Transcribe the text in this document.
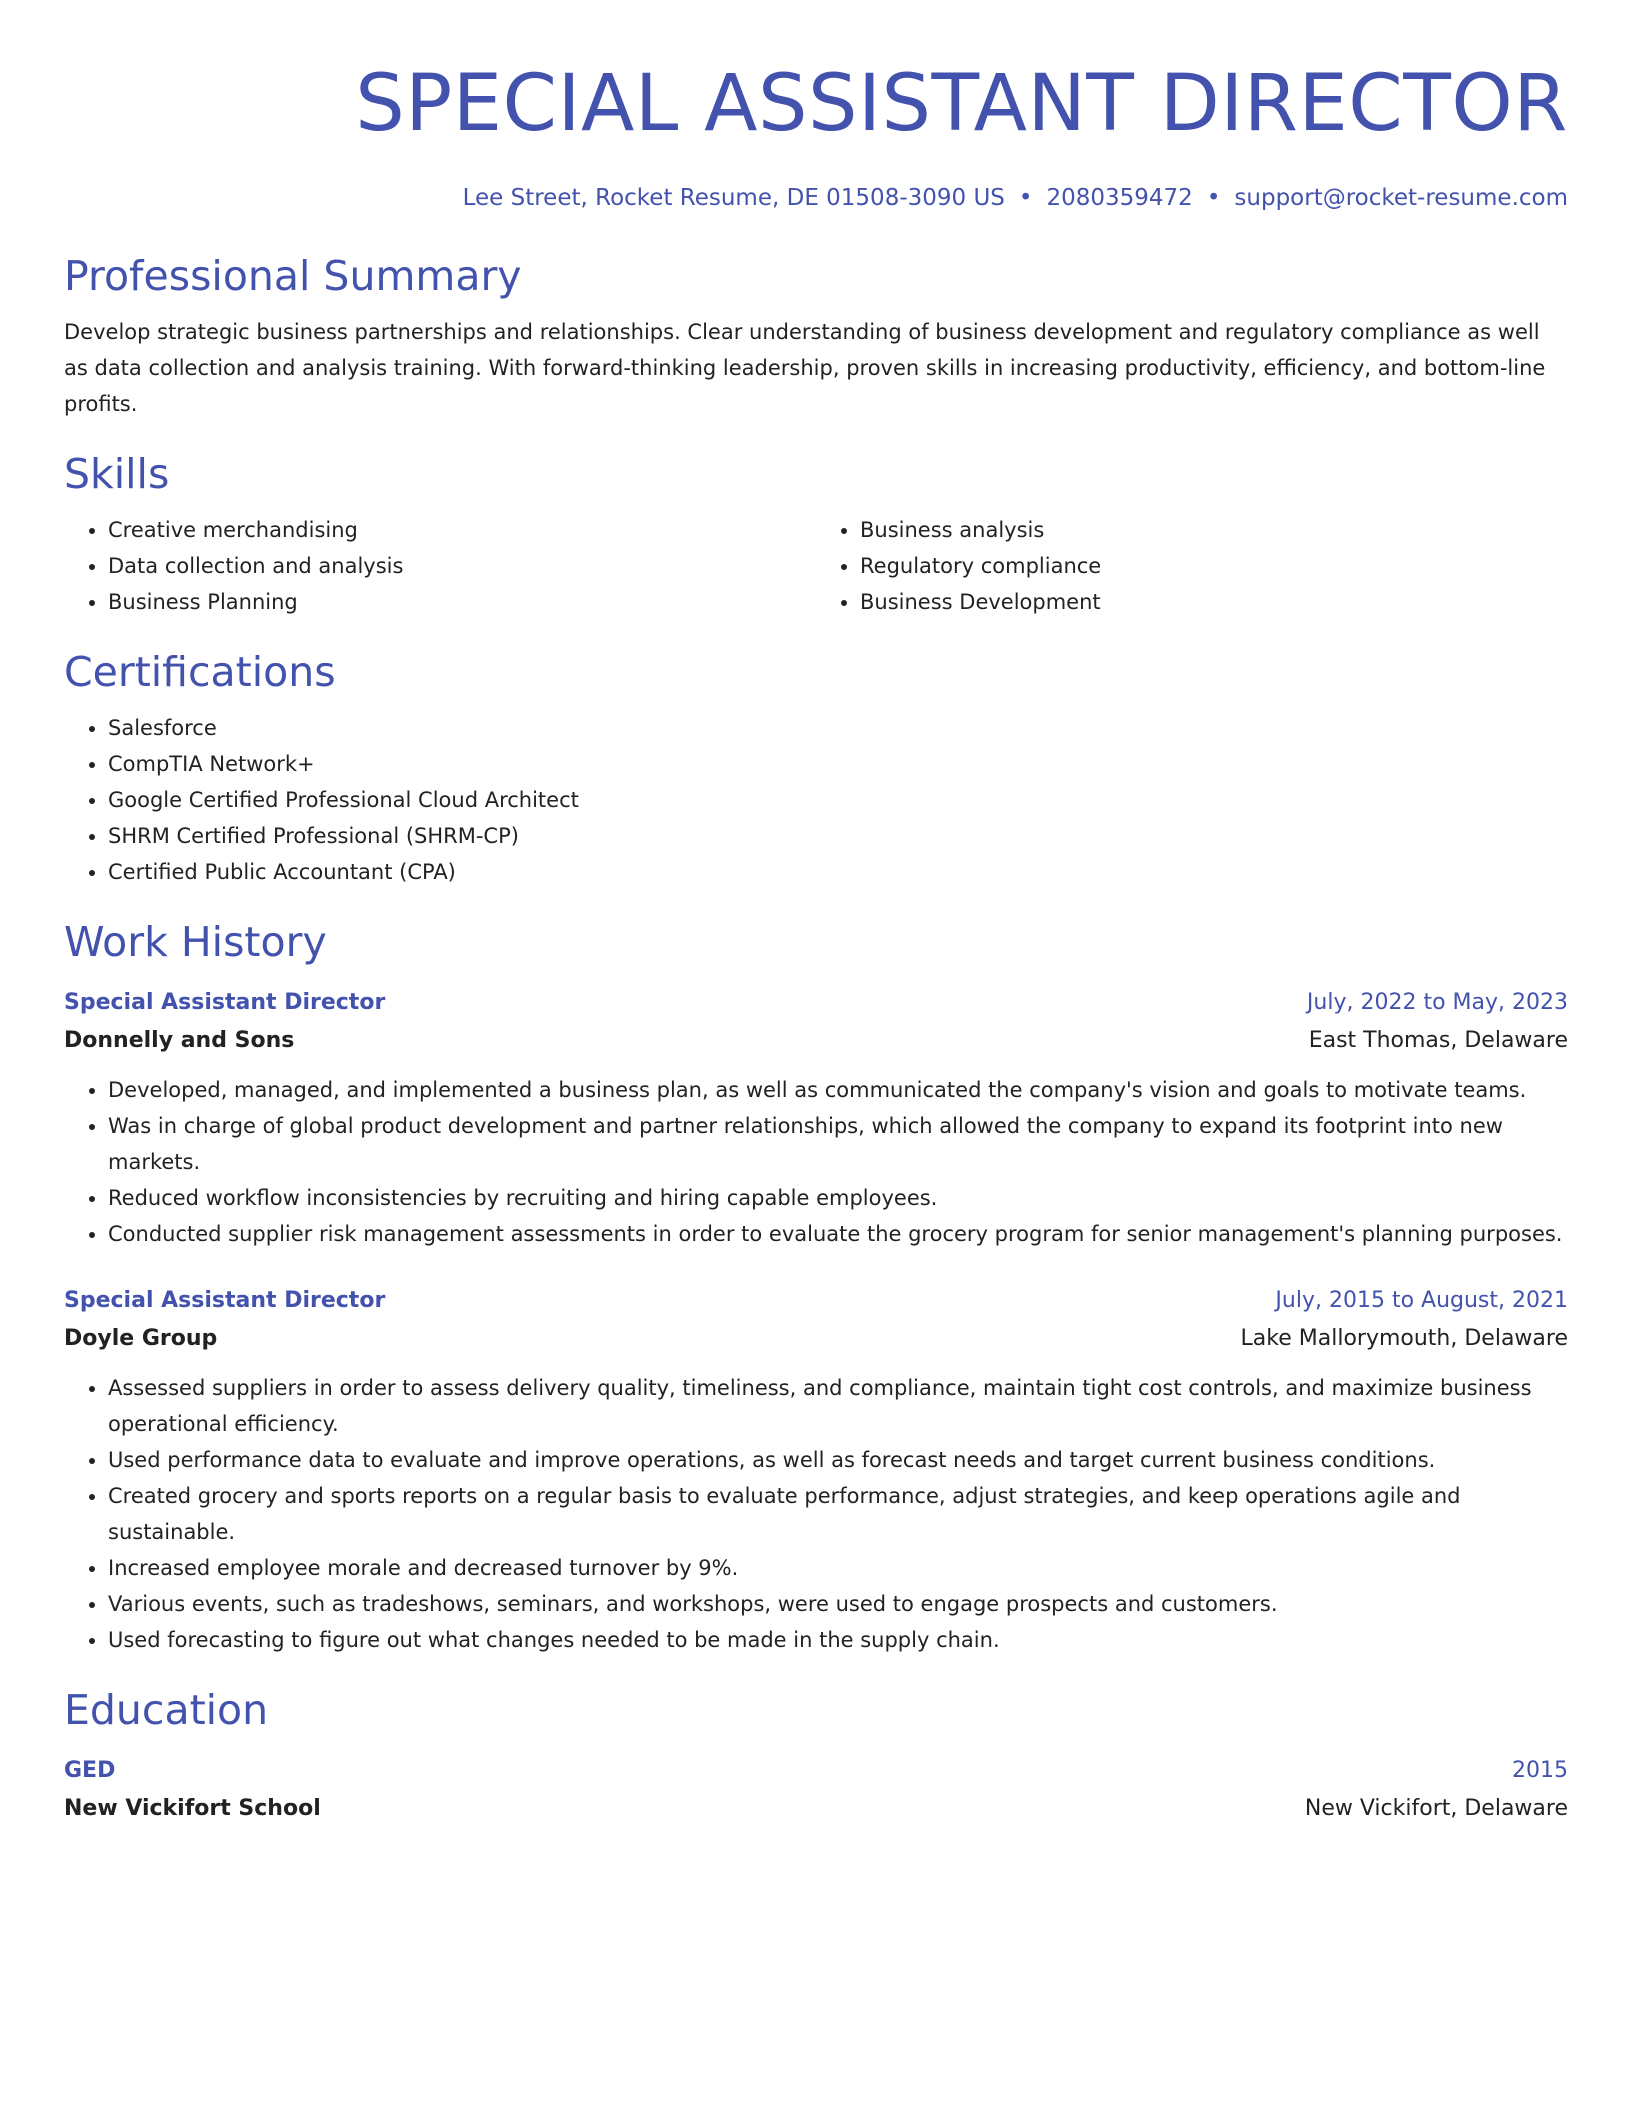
SPECIAL ASSISTANT DIRECTOR
Lee Street, Rocket Resume, DE 01508-3090 US • 2080359472 • support@rocket-resume.com
Professional Summary

Develop strategic business partnerships and relationships. Clear understanding of business development and regulatory compliance as well as data collection and analysis training. With forward-thinking leadership, proven skills in increasing productivity, efficiency, and bottom-line profits.

Skills
• Creative merchandising
• Data collection and analysis
• Business Planning
• Business analysis
• Regulatory compliance
• Business Development
Certifications
• Salesforce
• CompTIA Network+
• Google Certified Professional Cloud Architect
• SHRM Certified Professional (SHRM-CP)
• Certified Public Accountant (CPA)
Work History
Special Assistant Director	July, 2022 to May, 2023
Donnelly and Sons	East Thomas, Delaware
• Developed, managed, and implemented a business plan, as well as communicated the company's vision and goals to motivate teams.
• Was in charge of global product development and partner relationships, which allowed the company to expand its footprint into new markets.
• Reduced workflow inconsistencies by recruiting and hiring capable employees.
• Conducted supplier risk management assessments in order to evaluate the grocery program for senior management's planning purposes.
Special Assistant Director	July, 2015 to August, 2021
Doyle Group	Lake Mallorymouth, Delaware
• Assessed suppliers in order to assess delivery quality, timeliness, and compliance, maintain tight cost controls, and maximize business operational efficiency.
• Used performance data to evaluate and improve operations, as well as forecast needs and target current business conditions.
• Created grocery and sports reports on a regular basis to evaluate performance, adjust strategies, and keep operations agile and sustainable.
• Increased employee morale and decreased turnover by 9%.
• Various events, such as tradeshows, seminars, and workshops, were used to engage prospects and customers.
• Used forecasting to figure out what changes needed to be made in the supply chain.
Education
GED	2015
New Vickifort School	New Vickifort, Delaware
